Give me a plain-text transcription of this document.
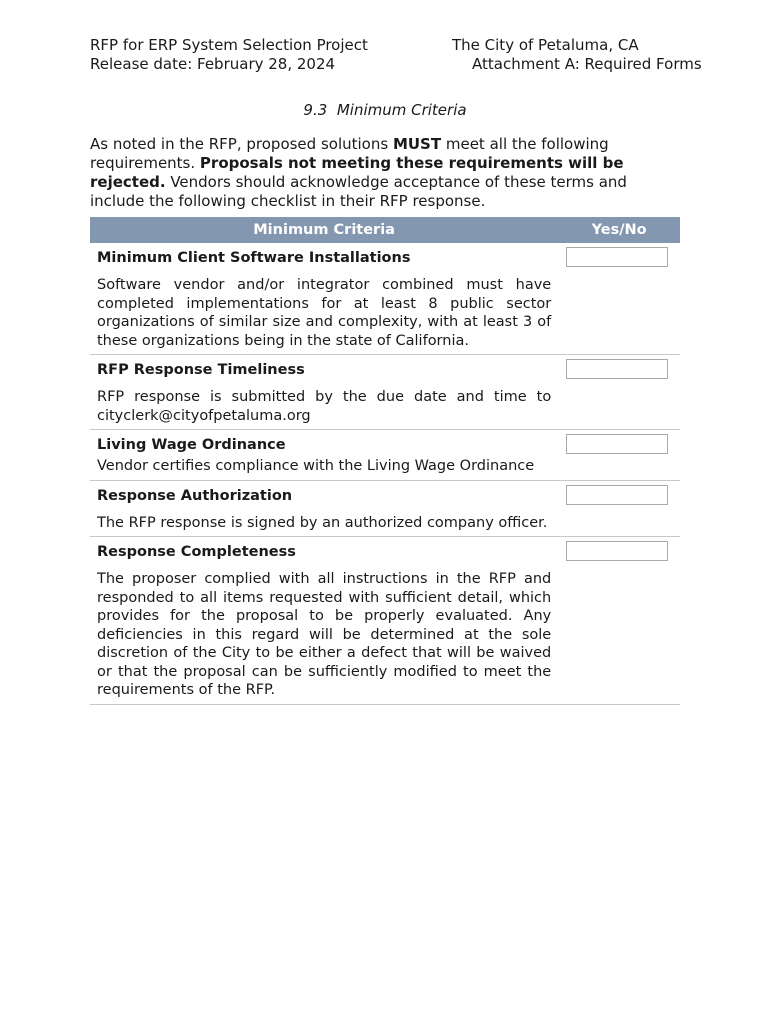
RFP for ERP System Selection Project
Release date: February 28, 2024
The City of Petaluma, CA
Attachment A: Required Forms
9.3 Minimum Criteria
As noted in the RFP, proposed solutions MUST meet all the following requirements. Proposals not meeting these requirements will be rejected. Vendors should acknowledge acceptance of these terms and include the following checklist in their RFP response.
Minimum Criteria	Yes/No

Minimum Client Software Installations
Software vendor and/or integrator combined must have completed implementations for at least 8 public sector organizations of similar size and complexity, with at least 3 of these organizations being in the state of California.	

RFP Response Timeliness
RFP response is submitted by the due date and time to cityclerk@cityofpetaluma.org	

Living Wage Ordinance
Vendor certifies compliance with the Living Wage Ordinance	

Response Authorization
The RFP response is signed by an authorized company officer.	

Response Completeness
The proposer complied with all instructions in the RFP and responded to all items requested with sufficient detail, which provides for the proposal to be properly evaluated. Any deficiencies in this regard will be determined at the sole discretion of the City to be either a defect that will be waived or that the proposal can be sufficiently modified to meet the requirements of the RFP.	
